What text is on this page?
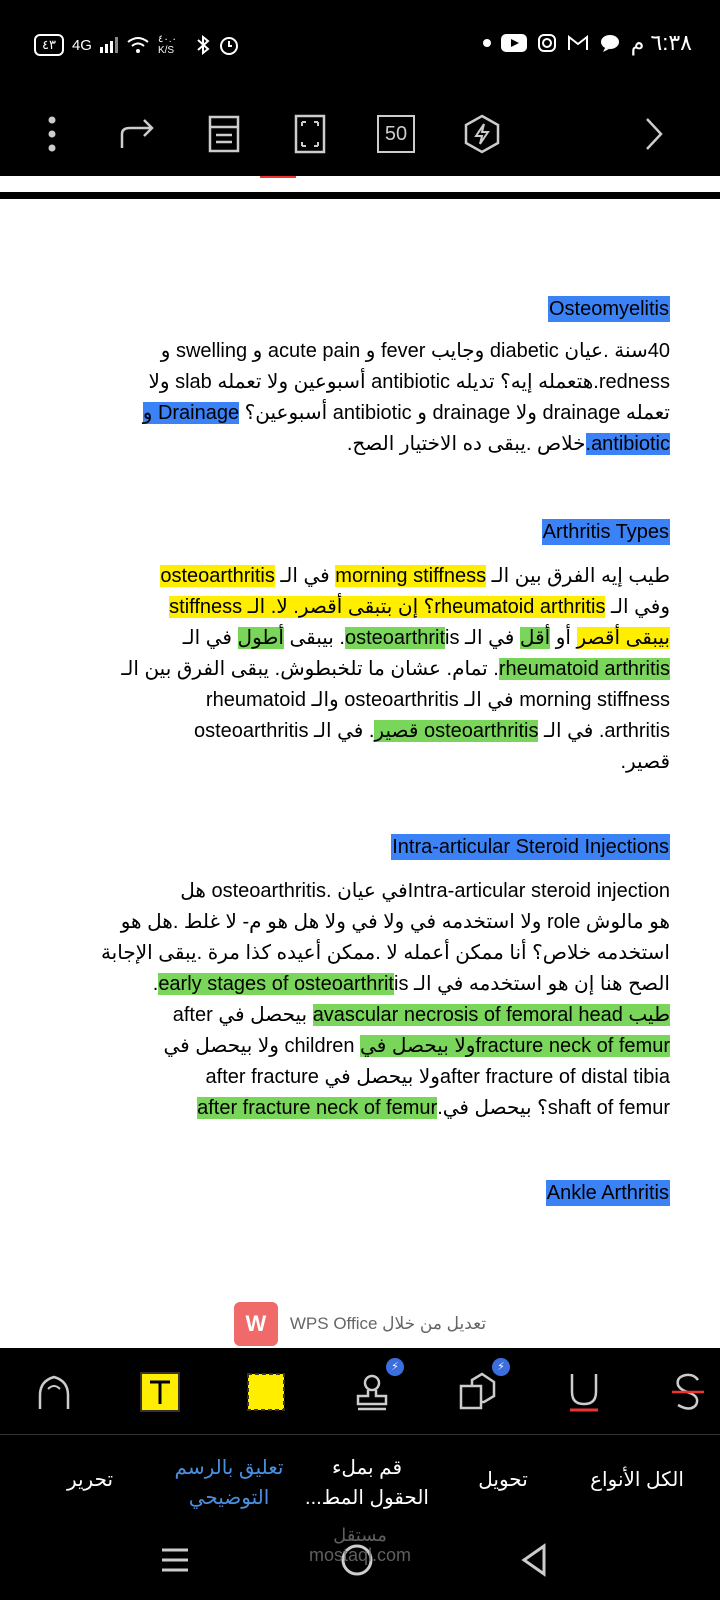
٤٣	4G	٤٠.٠ K/S	٦:٣٨ م
50
Osteomyelitis
40سنة .عيان diabetic وجايب fever و acute pain و swelling و
redness.هتعمله إيه؟ تديله antibiotic أسبوعين ولا تعمله slab ولا
تعمله drainage ولا drainage و antibiotic أسبوعين؟ Drainage و
antibiotic.خلاص .يبقى ده الاختيار الصح.
Arthritis Types
طيب إيه الفرق بين الـ morning stiffness في الـ osteoarthritis
وفي الـ rheumatoid arthritis؟ إن بتبقى أقصر. لا. الـ stiffness
بيبقى أقصر أو أقل في الـ osteoarthritis. بيبقى أطول في الـ
rheumatoid arthritis. تمام. عشان ما تلخبطوش. يبقى الفرق بين الـ
morning stiffness في الـ osteoarthritis والـ rheumatoid
arthritis. في الـ osteoarthritis قصير. في الـ osteoarthritis
قصير.
Intra-articular Steroid Injections
Intra-articular steroid injectionفي عيان .osteoarthritis هل
هو مالوش role ولا استخدمه في ولا في ولا هل هو م- لا غلط .هل هو
استخدمه خلاص؟ أنا ممكن أعمله لا .ممكن أعيده كذا مرة .يبقى الإجابة
الصح هنا إن هو استخدمه في الـ early stages of osteoarthritis.
طيب avascular necrosis of femoral head بيحصل في after
fracture neck of femurولا بيحصل في children ولا بيحصل في
after fracture of distal tibiaولا بيحصل في after fracture
shaft of femur؟ بيحصل في.after fracture neck of femur
Ankle Arthritis
تعديل من خلال WPS Office
W
⚡	⚡
الكل الأنواع
تحويل
قم بملء الحقول المط...
تعليق بالرسم التوضيحي
تحرير
مستقل mostaql.com
